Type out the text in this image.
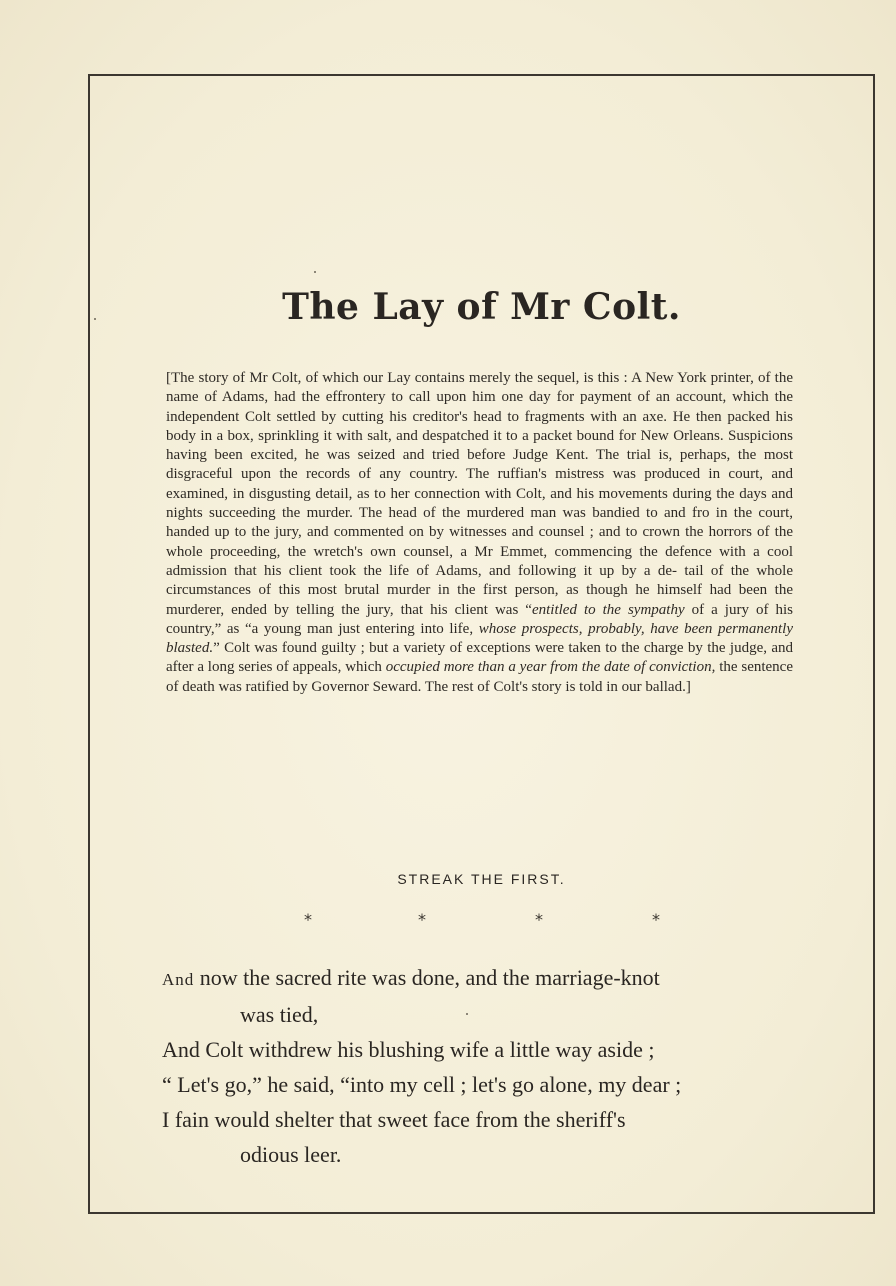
The Lay of Mr Colt.

[The story of Mr Colt, of which our Lay contains merely the sequel, is this : A New York printer, of the name of Adams, had the effrontery to call upon him one day for payment of an account, which the independent Colt settled by cutting his creditor's head to fragments with an axe. He then packed his body in a box, sprinkling it with salt, and despatched it to a packet bound for New Orleans. Suspicions having been excited, he was seized and tried before Judge Kent. The trial is, perhaps, the most disgraceful upon the records of any country. The ruffian's mistress was produced in court, and examined, in disgusting detail, as to her connection with Colt, and his movements during the days and nights succeeding the murder. The head of the murdered man was bandied to and fro in the court, handed up to the jury, and commented on by witnesses and counsel ; and to crown the horrors of the whole proceeding, the wretch's own counsel, a Mr Emmet, commencing the defence with a cool admission that his client took the life of Adams, and following it up by a de- tail of the whole circumstances of this most brutal murder in the first person, as though he himself had been the murderer, ended by telling the jury, that his client was “entitled to the sympathy of a jury of his country,” as “a young man just entering into life, whose prospects, probably, have been permanently blasted.” Colt was found guilty ; but a variety of exceptions were taken to the charge by the judge, and after a long series of appeals, which occupied more than a year from the date of conviction, the sentence of death was ratified by Governor Seward. The rest of Colt's story is told in our ballad.]

STREAK THE FIRST.
*	*	*	*
And now the sacred rite was done, and the marriage-knot
was tied,
And Colt withdrew his blushing wife a little way aside ;
“ Let's go,” he said, “into my cell ; let's go alone, my dear ;
I fain would shelter that sweet face from the sheriff's
odious leer.
